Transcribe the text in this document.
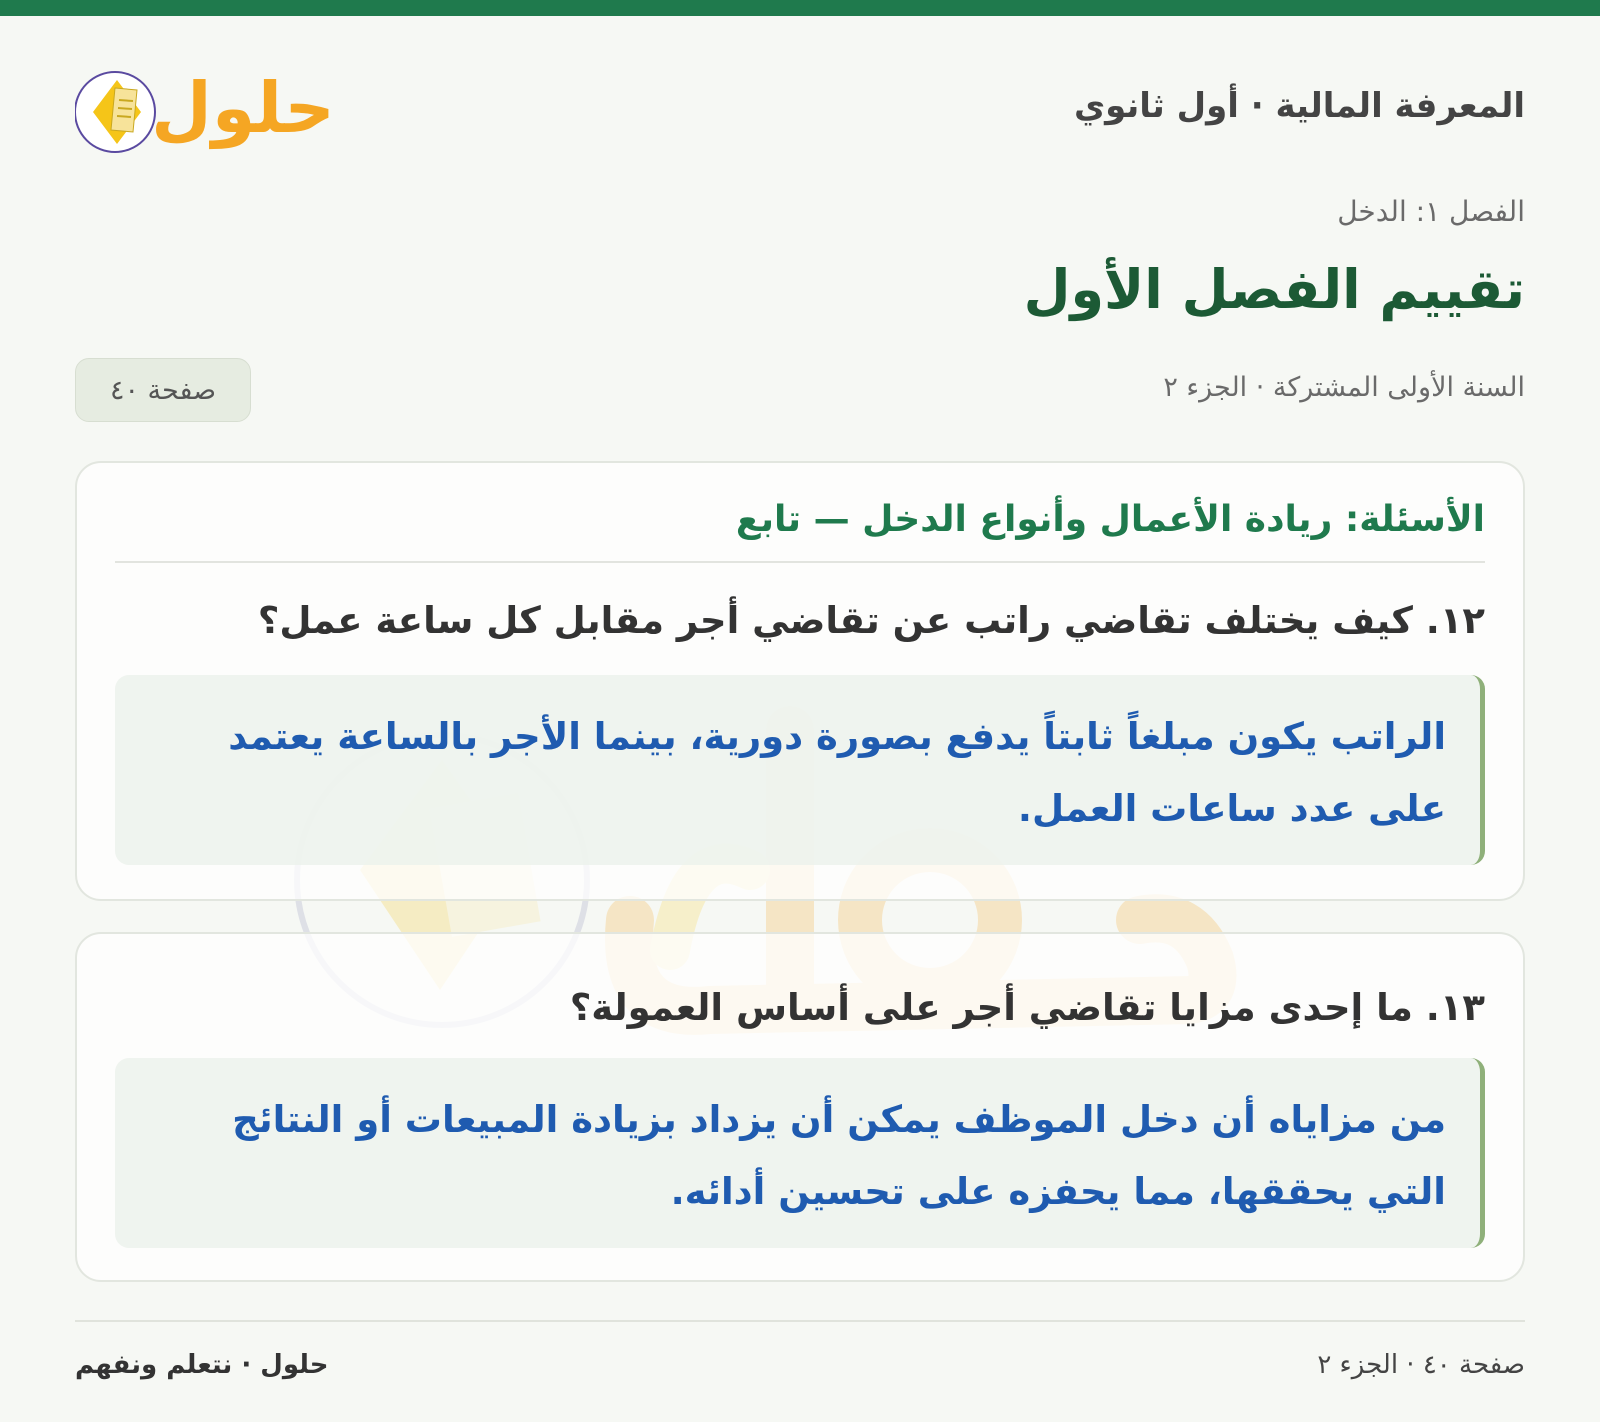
المعرفة المالية · أول ثانوي
حلول
الفصل ١: الدخل
تقييم الفصل الأول
السنة الأولى المشتركة · الجزء ٢
صفحة ٤٠
الأسئلة: ريادة الأعمال وأنواع الدخل — تابع
١٢. كيف يختلف تقاضي راتب عن تقاضي أجر مقابل كل ساعة عمل؟
الراتب يكون مبلغاً ثابتاً يدفع بصورة دورية، بينما الأجر بالساعة يعتمد على عدد ساعات العمل.
١٣. ما إحدى مزايا تقاضي أجر على أساس العمولة؟
من مزاياه أن دخل الموظف يمكن أن يزداد بزيادة المبيعات أو النتائج التي يحققها، مما يحفزه على تحسين أدائه.
حلول · نتعلم ونفهم	صفحة ٤٠ · الجزء ٢
